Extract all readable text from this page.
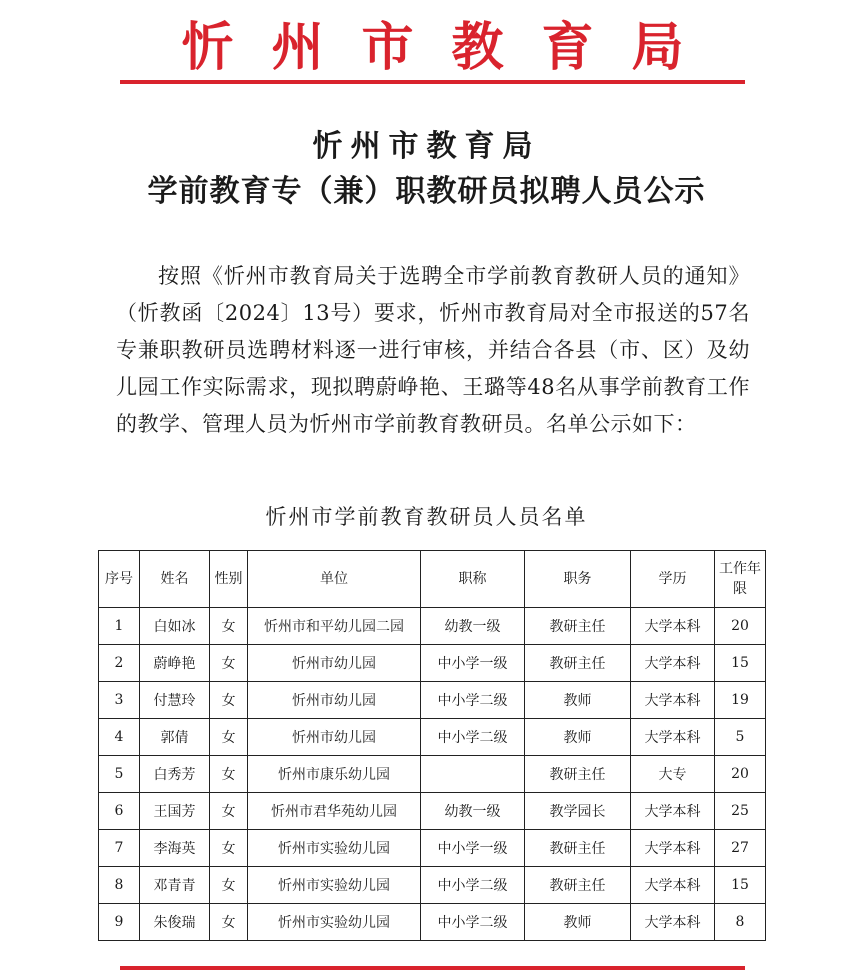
忻州市教育局
忻州市教育局
学前教育专（兼）职教研员拟聘人员公示
按照《忻州市教育局关于选聘全市学前教育教研人员的通知》（忻教函〔2024〕13号）要求，忻州市教育局对全市报送的57名专兼职教研员选聘材料逐一进行审核，并结合各县（市、区）及幼儿园工作实际需求，现拟聘蔚峥艳、王璐等48名从事学前教育工作的教学、管理人员为忻州市学前教育教研员。名单公示如下：
忻州市学前教育教研员人员名单
序号	姓名	性别	单位	职称	职务	学历	工作年限
1	白如冰	女	忻州市和平幼儿园二园	幼教一级	教研主任	大学本科	20
2	蔚峥艳	女	忻州市幼儿园	中小学一级	教研主任	大学本科	15
3	付慧玲	女	忻州市幼儿园	中小学二级	教师	大学本科	19
4	郭倩	女	忻州市幼儿园	中小学二级	教师	大学本科	5
5	白秀芳	女	忻州市康乐幼儿园		教研主任	大专	20
6	王国芳	女	忻州市君华苑幼儿园	幼教一级	教学园长	大学本科	25
7	李海英	女	忻州市实验幼儿园	中小学一级	教研主任	大学本科	27
8	邓青青	女	忻州市实验幼儿园	中小学二级	教研主任	大学本科	15
9	朱俊瑞	女	忻州市实验幼儿园	中小学二级	教师	大学本科	8
